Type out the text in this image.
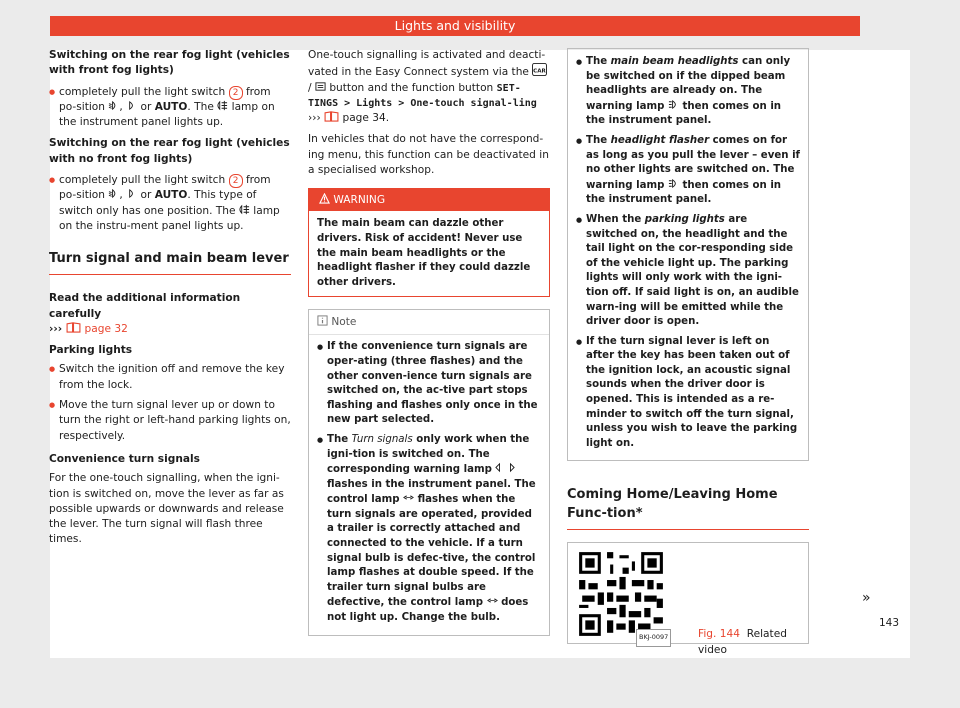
Lights and visibility
Switching on the rear fog light (vehicles with front fog lights)
● completely pull the light switch 2 from po-sition ,  or AUTO. The lamp on the instrument panel lights up.
Switching on the rear fog light (vehicles with no front fog lights)
● completely pull the light switch 2 from po-sition ,  or AUTO. This type of switch only has one position. The lamp on the instru-ment panel lights up.
Turn signal and main beam lever
Read the additional information carefully
››› page 32
Parking lights
● Switch the ignition off and remove the key from the lock.
● Move the turn signal lever up or down to turn the right or left-hand parking lights on, respectively.
Convenience turn signals

For the one-touch signalling, when the igni-tion is switched on, move the lever as far as possible upwards or downwards and release the lever. The turn signal will flash three times.

One-touch signalling is activated and deacti-vated in the Easy Connect system via the CAR
/ button and the function button SET-TINGS > Lights > One-touch signal-ling ››› page 34.

In vehicles that do not have the correspond-ing menu, this function can be deactivated in a specialised workshop.

WARNING
The main beam can dazzle other drivers. Risk of accident! Never use the main beam headlights or the headlight flasher if they could dazzle other drivers.
Note
● If the convenience turn signals are oper-ating (three flashes) and the other conven-ience turn signals are switched on, the ac-tive part stops flashing and flashes only once in the new part selected.
● The Turn signals only work when the igni-tion is switched on. The corresponding warning lamp  flashes in the instrument panel. The control lamp flashes when the turn signals are operated, provided a trailer is correctly attached and connected to the vehicle. If a turn signal bulb is defec-tive, the control lamp flashes at double speed. If the trailer turn signal bulbs are defective, the control lamp does not light up. Change the bulb.
● The main beam headlights can only be switched on if the dipped beam headlights are already on. The warning lamp then comes on in the instrument panel.
● The headlight flasher comes on for as long as you pull the lever – even if no other lights are switched on. The warning lamp then comes on in the instrument panel.
● When the parking lights are switched on, the headlight and the tail light on the cor-responding side of the vehicle light up. The parking lights will only work with the igni-tion off. If said light is on, an audible warn-ing will be emitted while the driver door is open.
● If the turn signal lever is left on after the key has been taken out of the ignition lock, an acoustic signal sounds when the driver door is opened. This is intended as a re-minder to switch off the turn signal, unless you wish to leave the parking light on.
Coming Home/Leaving Home Func-tion*
BKJ-0097	Fig. 144 Related video
»
143
